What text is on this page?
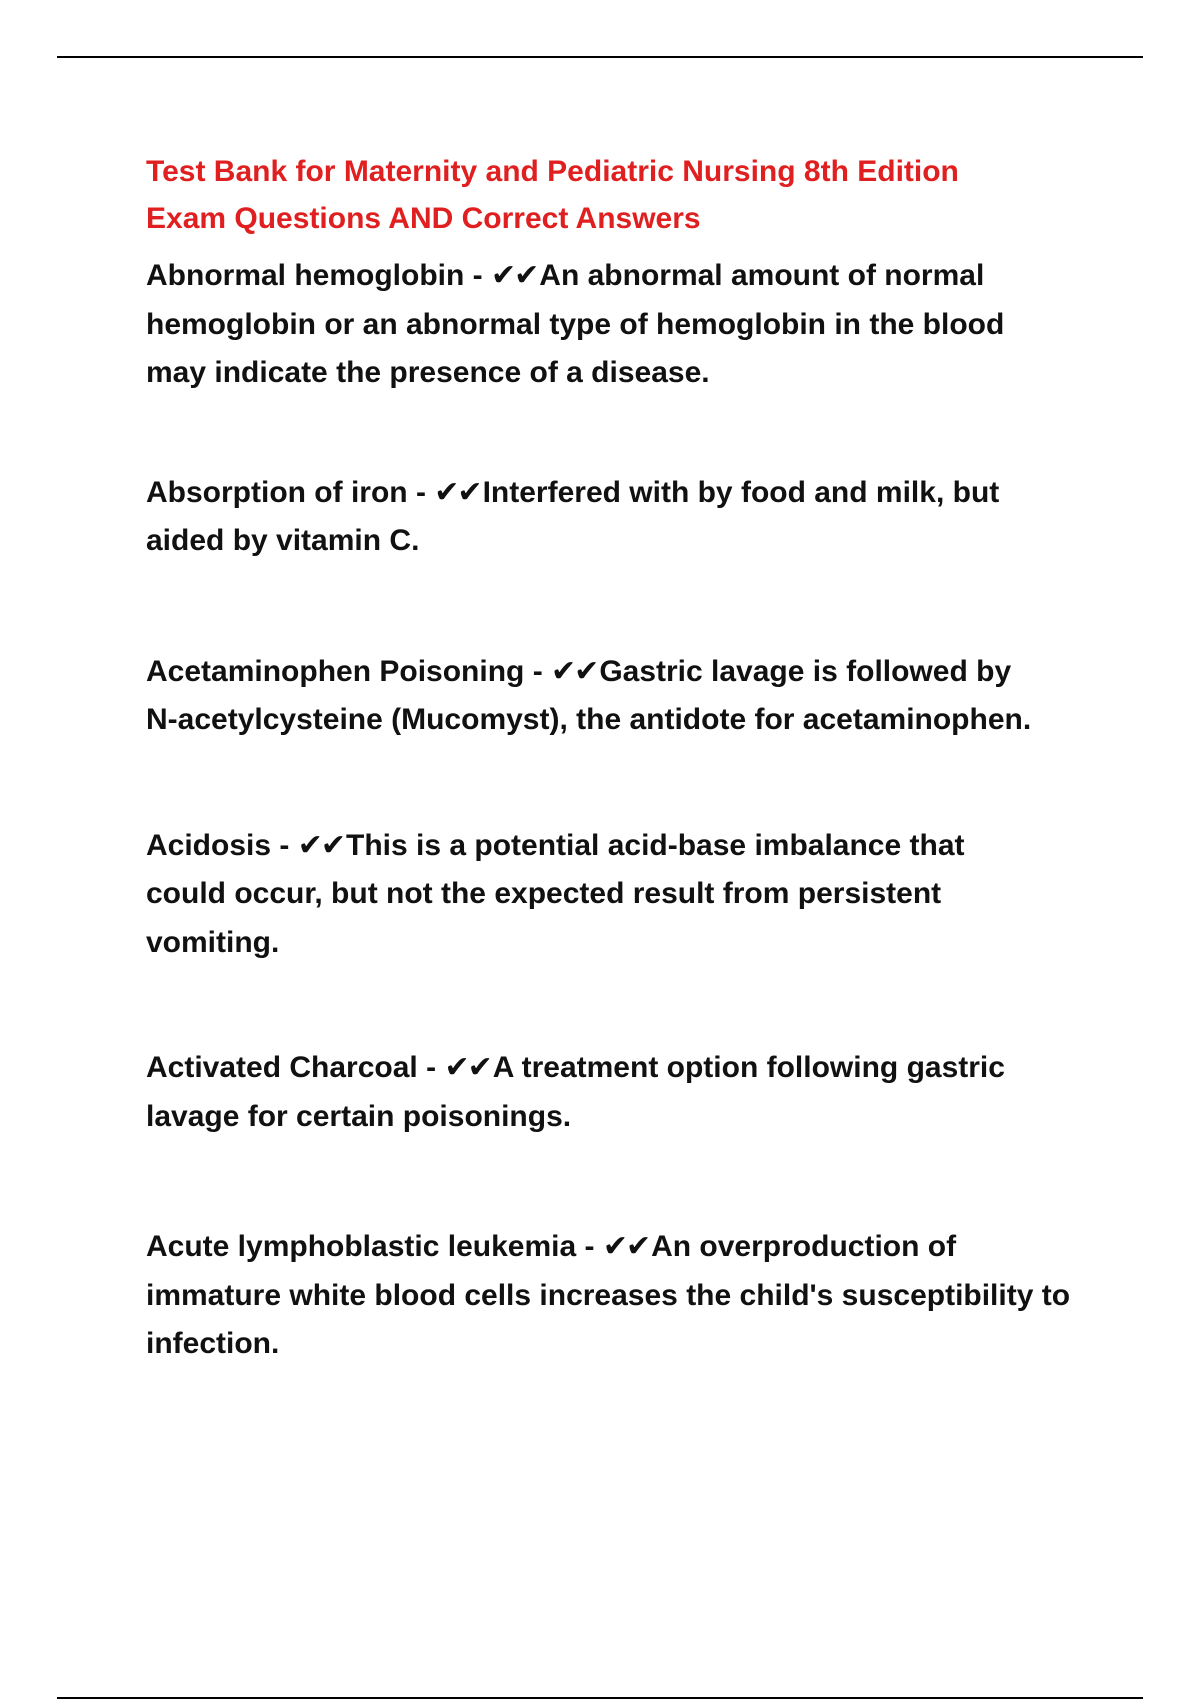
Test Bank for Maternity and Pediatric Nursing 8th Edition
Exam Questions AND Correct Answers

Abnormal hemoglobin - ✔✔An abnormal amount of normal hemoglobin or an abnormal type of hemoglobin in the blood may indicate the presence of a disease.

Absorption of iron - ✔✔Interfered with by food and milk, but aided by vitamin C.

Acetaminophen Poisoning - ✔✔Gastric lavage is followed by N-acetylcysteine (Mucomyst), the antidote for acetaminophen.

Acidosis - ✔✔This is a potential acid-base imbalance that could occur, but not the expected result from persistent vomiting.

Activated Charcoal - ✔✔A treatment option following gastric lavage for certain poisonings.

Acute lymphoblastic leukemia - ✔✔An overproduction of immature white blood cells increases the child's susceptibility to infection.
